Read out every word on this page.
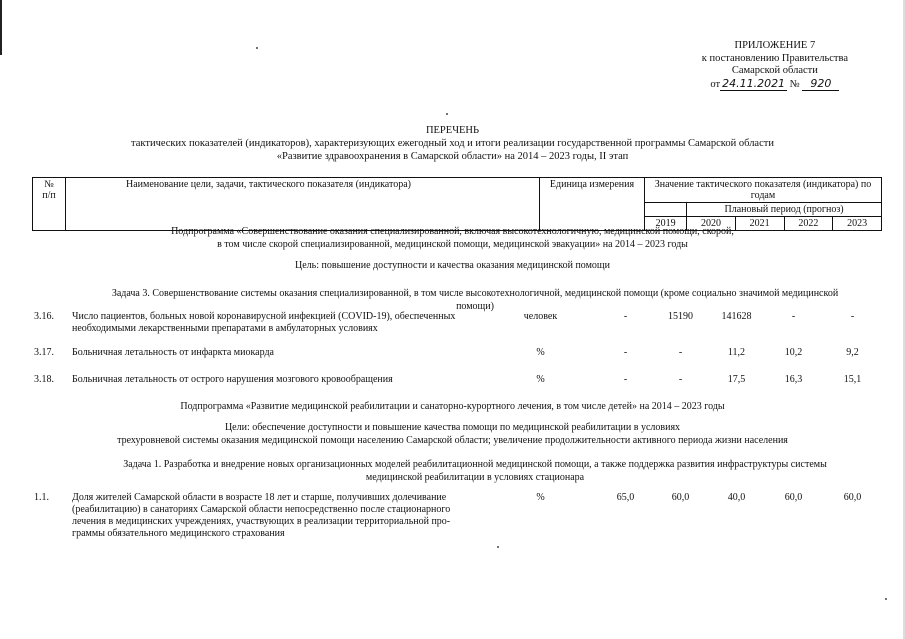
ПРИЛОЖЕНИЕ 7
к постановлению Правительства
Самарской области
от 24.11.2021 № 920
ПЕРЕЧЕНЬ
тактических показателей (индикаторов), характеризующих ежегодный ход и итоги реализации государственной программы Самарской области
«Развитие здравоохранения в Самарской области» на 2014 – 2023 годы, II этап
№
п/п	Наименование цели, задачи, тактического показателя (индикатора)	Единица измерения	Значение тактического показателя (индикатора) по годам				
				Плановый период (прогноз)			
			2019	2020	2021	2022	2023
Подпрограмма «Совершенствование оказания специализированной, включая высокотехнологичную, медицинской помощи, скорой,
в том числе скорой специализированной, медицинской помощи, медицинской эвакуации» на 2014 – 2023 годы
Цель: повышение доступности и качества оказания медицинской помощи
Задача 3. Совершенствование системы оказания специализированной, в том числе высокотехнологичной, медицинской помощи (кроме социально значимой медицинской
помощи)
3.16. Число пациентов, больных новой коронавирусной инфекцией (COVID-19), обеспеченных
необходимыми лекарственными препаратами в амбулаторных условиях
человек	-	15190	141628	-	-
3.17. Больничная летальность от инфаркта миокарда	%	-	-	11,2	10,2	9,2
3.18. Больничная летальность от острого нарушения мозгового кровообращения	%	-	-	17,5	16,3	15,1
Подпрограмма «Развитие медицинской реабилитации и санаторно-курортного лечения, в том числе детей» на 2014 – 2023 годы
Цели: обеспечение доступности и повышение качества помощи по медицинской реабилитации в условиях
трехуровневой системы оказания медицинской помощи населению Самарской области; увеличение продолжительности активного периода жизни населения
Задача 1. Разработка и внедрение новых организационных моделей реабилитационной медицинской помощи, а также поддержка развития инфраструктуры системы
медицинской реабилитации в условиях стационара
1.1. Доля жителей Самарской области в возрасте 18 лет и старше, получивших долечивание
(реабилитацию) в санаториях Самарской области непосредственно после стационарного
лечения в медицинских учреждениях, участвующих в реализации территориальной про-
граммы обязательного медицинского страхования
%	65,0	60,0	40,0	60,0	60,0
